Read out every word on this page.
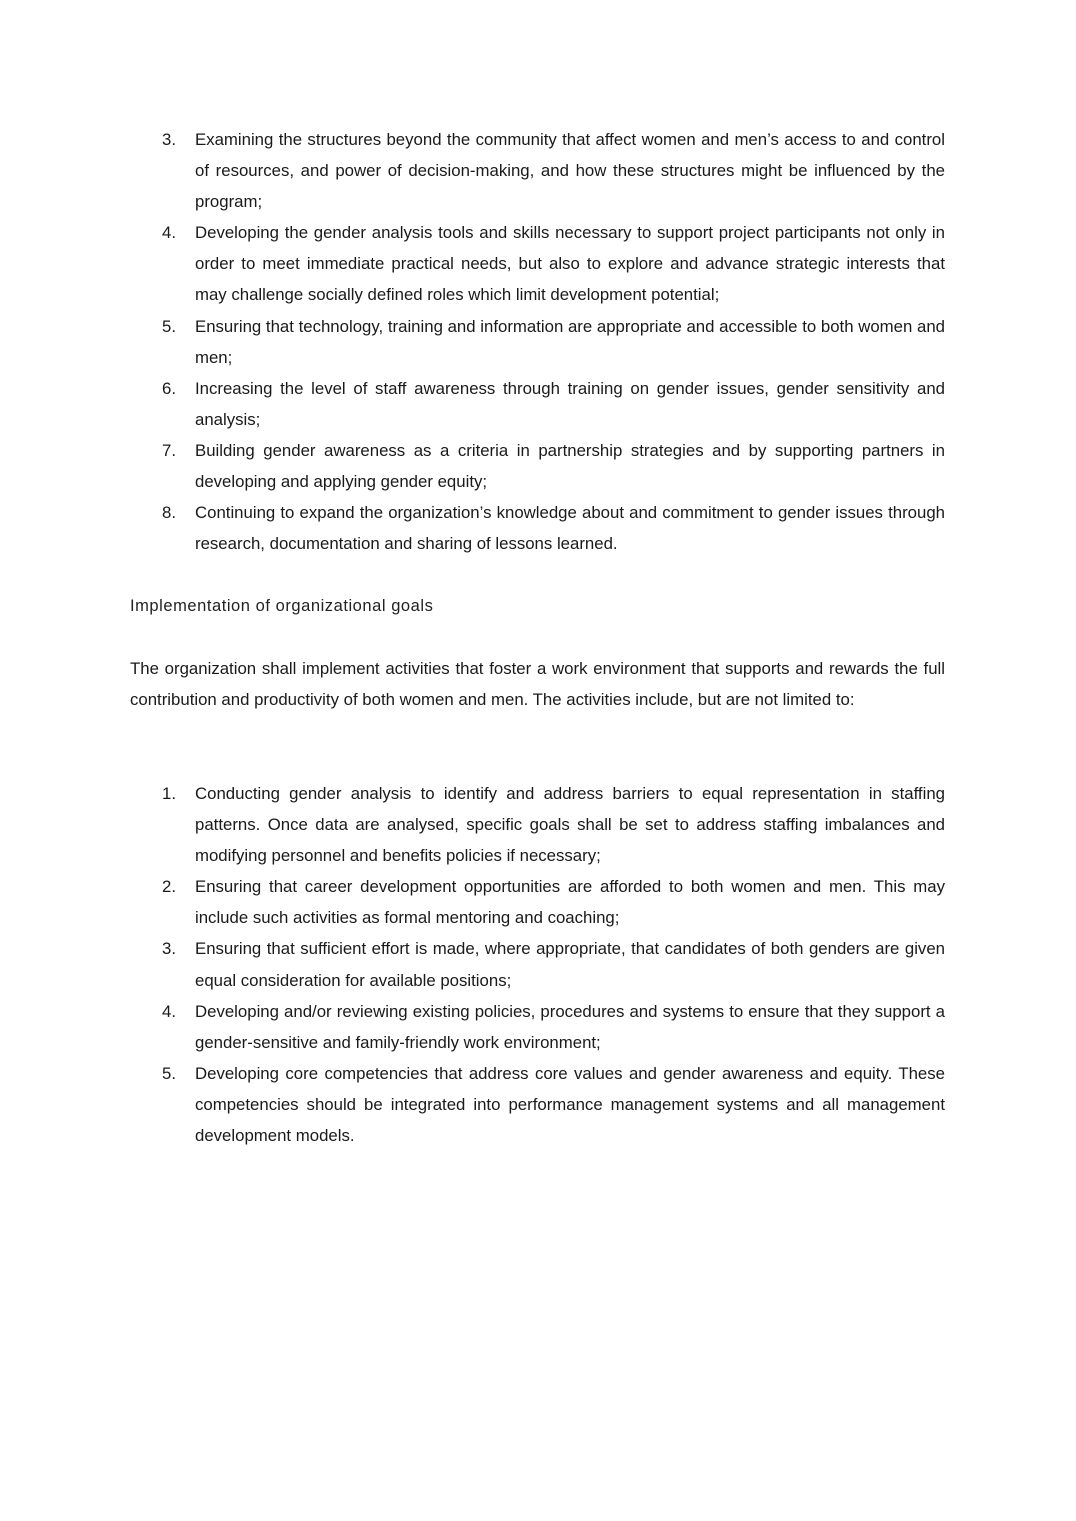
3.	Examining the structures beyond the community that affect women and men’s access to and control of resources, and power of decision-making, and how these structures might be influenced by the program;
4.	Developing the gender analysis tools and skills necessary to support project participants not only in order to meet immediate practical needs, but also to explore and advance strategic interests that may challenge socially defined roles which limit development potential;
5.	Ensuring that technology, training and information are appropriate and accessible to both women and men;
6.	Increasing the level of staff awareness through training on gender issues, gender sensitivity and analysis;
7.	Building gender awareness as a criteria in partnership strategies and by supporting partners in developing and applying gender equity;
8.	Continuing to expand the organization’s knowledge about and commitment to gender issues through research, documentation and sharing of lessons learned.
Implementation of organizational goals

The organization shall implement activities that foster a work environment that supports and rewards the full contribution and productivity of both women and men. The activities include, but are not limited to:

1.	Conducting gender analysis to identify and address barriers to equal representation in staffing patterns. Once data are analysed, specific goals shall be set to address staffing imbalances and modifying personnel and benefits policies if necessary;
2.	Ensuring that career development opportunities are afforded to both women and men. This may include such activities as formal mentoring and coaching;
3.	Ensuring that sufficient effort is made, where appropriate, that candidates of both genders are given equal consideration for available positions;
4.	Developing and/or reviewing existing policies, procedures and systems to ensure that they support a gender-sensitive and family-friendly work environment;
5.	Developing core competencies that address core values and gender awareness and equity. These competencies should be integrated into performance management systems and all management development models.
